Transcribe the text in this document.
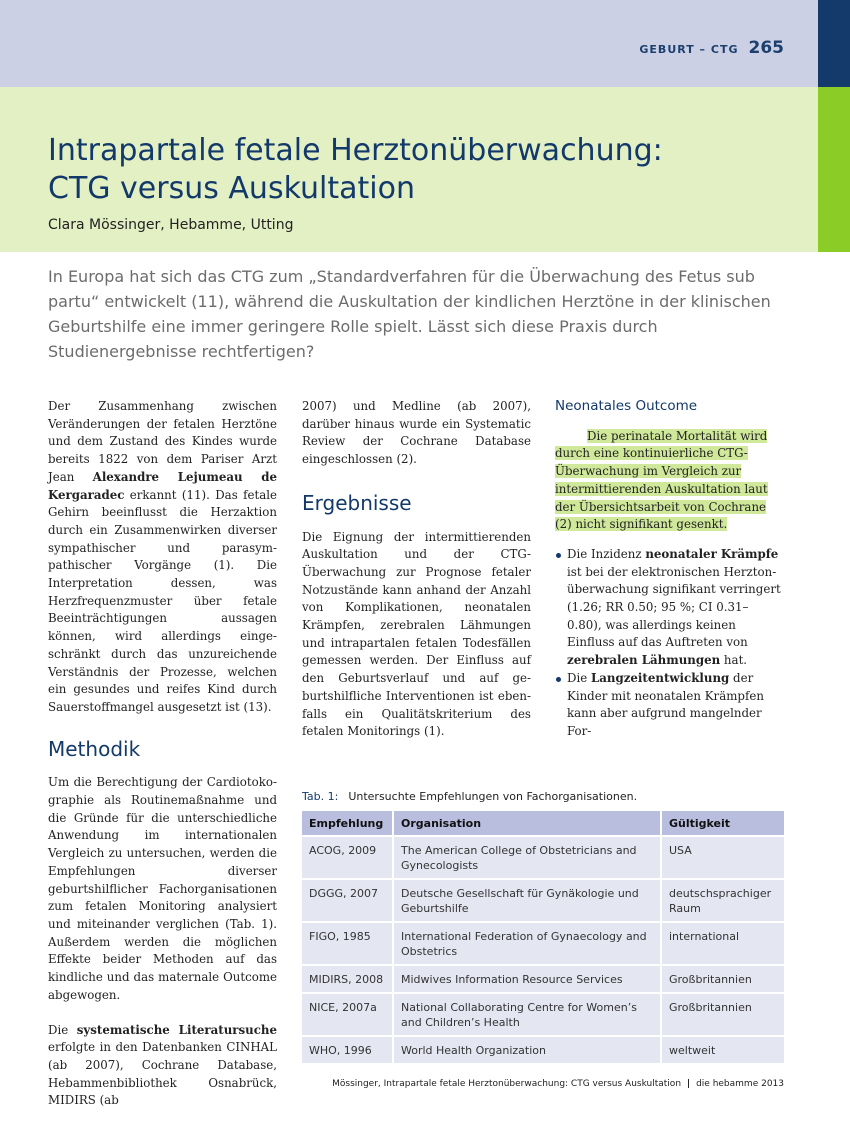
GEBURT – CTG 265
Intrapartale fetale Herztonüberwachung:
CTG versus Auskultation
Clara Mössinger, Hebamme, Utting

In Europa hat sich das CTG zum „Standardverfahren für die Überwachung des Fetus sub partu“ entwickelt (11), während die Auskultation der kindlichen Herztöne in der klinischen Geburtshilfe eine immer geringere Rolle spielt. Lässt sich diese Praxis durch Studienergebnisse rechtfertigen?

Der Zusammenhang zwischen Veränderungen der fetalen Herztöne und dem Zustand des Kindes wurde bereits 1822 von dem Pariser Arzt Jean Alexandre Lejumeau de Kergaradec erkannt (11). Das fetale Gehirn beeinflusst die Herzaktion durch ein Zusammenwirken diverser sympathischer und parasympathischer Vorgänge (1). Die Interpretation dessen, was Herzfrequenzmuster über fetale Beeinträchtigungen aussagen können, wird allerdings eingeschränkt durch das unzureichende Verständnis der Prozesse, welchen ein gesundes und reifes Kind durch Sauerstoffmangel ausgesetzt ist (13).

Methodik

Um die Berechtigung der Cardiotokographie als Routinemaßnahme und die Gründe für die unterschiedliche Anwendung im internationalen Vergleich zu untersuchen, werden die Empfehlungen diverser geburtshilflicher Fachorganisationen zum fetalen Monitoring analysiert und miteinander verglichen (Tab. 1). Außerdem werden die möglichen Effekte beider Methoden auf das kindliche und das maternale Outcome abgewogen.

Die systematische Literatursuche erfolgte in den Datenbanken CINHAL (ab 2007), Cochrane Database, Hebammenbibliothek Osnabrück, MIDIRS (ab

2007) und Medline (ab 2007), darüber hinaus wurde ein Systematic Review der Cochrane Database eingeschlossen (2).

Ergebnisse

Die Eignung der intermittierenden Auskultation und der CTG-Überwachung zur Prognose fetaler Notzustände kann anhand der Anzahl von Komplikationen, neonatalen Krämpfen, zerebralen Lähmungen und intrapartalen fetalen Todesfällen gemessen werden. Der Einfluss auf den Geburtsverlauf und auf geburtshilfliche Interventionen ist ebenfalls ein Qualitätskriterium des fetalen Monitorings (1).

Neonatales Outcome

Die perinatale Mortalität wird durch eine kontinuierliche CTG-Überwachung im Vergleich zur intermittierenden Auskultation laut der Übersichtsarbeit von Cochrane (2) nicht signifikant gesenkt.

Die Inzidenz neonataler Krämpfe ist bei der elektronischen Herztonüberwachung signifikant verringert (1.26; RR 0.50; 95 %; CI 0.31–0.80), was allerdings keinen Einfluss auf das Auftreten von zerebralen Lähmungen hat.
Die Langzeitentwicklung der Kinder mit neonatalen Krämpfen kann aber aufgrund mangelnder For-
Tab. 1: Untersuchte Empfehlungen von Fachorganisationen.
Empfehlung	Organisation	Gültigkeit
ACOG, 2009	The American College of Obstetricians and Gynecologists	USA
DGGG, 2007	Deutsche Gesellschaft für Gynäkologie und Geburtshilfe	deutschsprachiger Raum
FIGO, 1985	International Federation of Gynaecology and Obstetrics	international
MIDIRS, 2008	Midwives Information Resource Services	Großbritannien
NICE, 2007a	National Collaborating Centre for Women’s and Children’s Health	Großbritannien
WHO, 1996	World Health Organization	weltweit
Mössinger, Intrapartale fetale Herztonüberwachung: CTG versus Auskultation | die hebamme 2013
